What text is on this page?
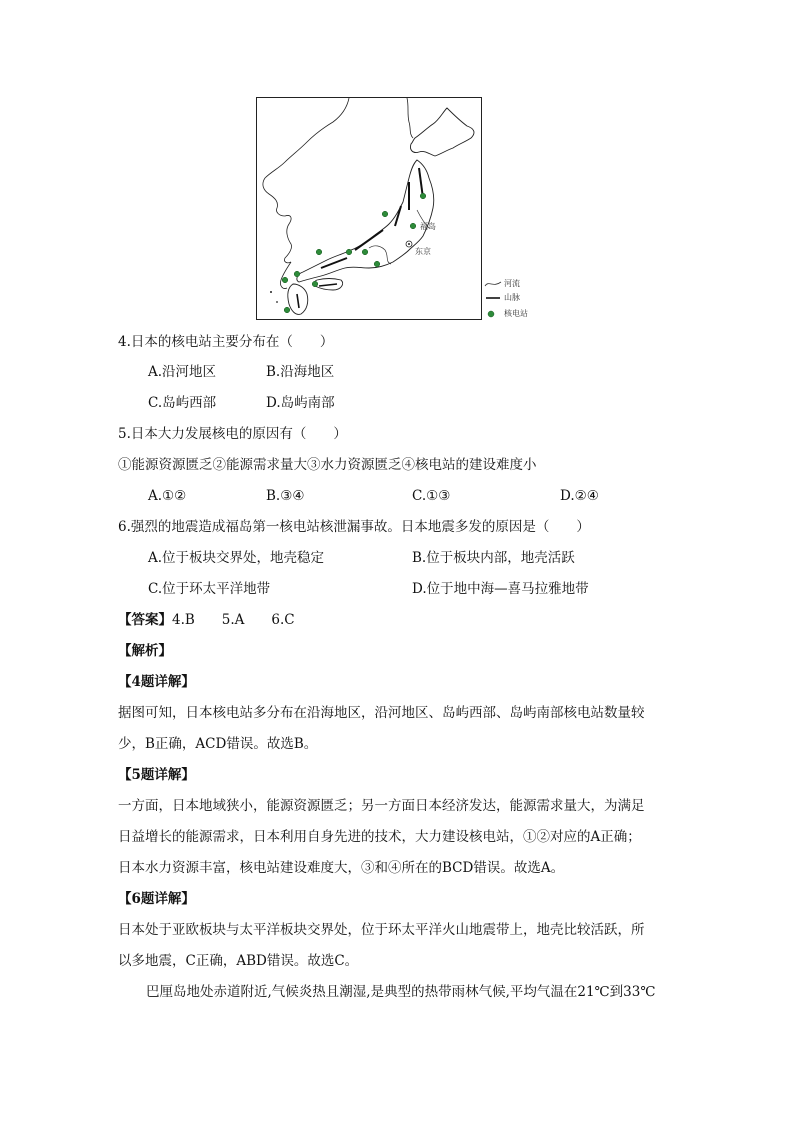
福岛
东京
河流
山脉
核电站
4.日本的核电站主要分布在（　　）
A.沿河地区	B.沿海地区
C.岛屿西部	D.岛屿南部
5.日本大力发展核电的原因有（　　）
①能源资源匮乏②能源需求量大③水力资源匮乏④核电站的建设难度小
A.①②	B.③④	C.①③	D.②④
6.强烈的地震造成福岛第一核电站核泄漏事故。日本地震多发的原因是（　　）
A.位于板块交界处，地壳稳定	B.位于板块内部，地壳活跃
C.位于环太平洋地带	D.位于地中海—喜马拉雅地带
【答案】4.B　　5.A　　6.C
【解析】
【4题详解】
据图可知，日本核电站多分布在沿海地区，沿河地区、岛屿西部、岛屿南部核电站数量较
少，B正确，ACD错误。故选B。
【5题详解】
一方面，日本地域狭小，能源资源匮乏；另一方面日本经济发达，能源需求量大，为满足
日益增长的能源需求，日本利用自身先进的技术，大力建设核电站，①②对应的A正确；
日本水力资源丰富，核电站建设难度大，③和④所在的BCD错误。故选A。
【6题详解】
日本处于亚欧板块与太平洋板块交界处，位于环太平洋火山地震带上，地壳比较活跃，所
以多地震，C正确，ABD错误。故选C。
巴厘岛地处赤道附近,气候炎热且潮湿,是典型的热带雨林气候,平均气温在21℃到33℃
